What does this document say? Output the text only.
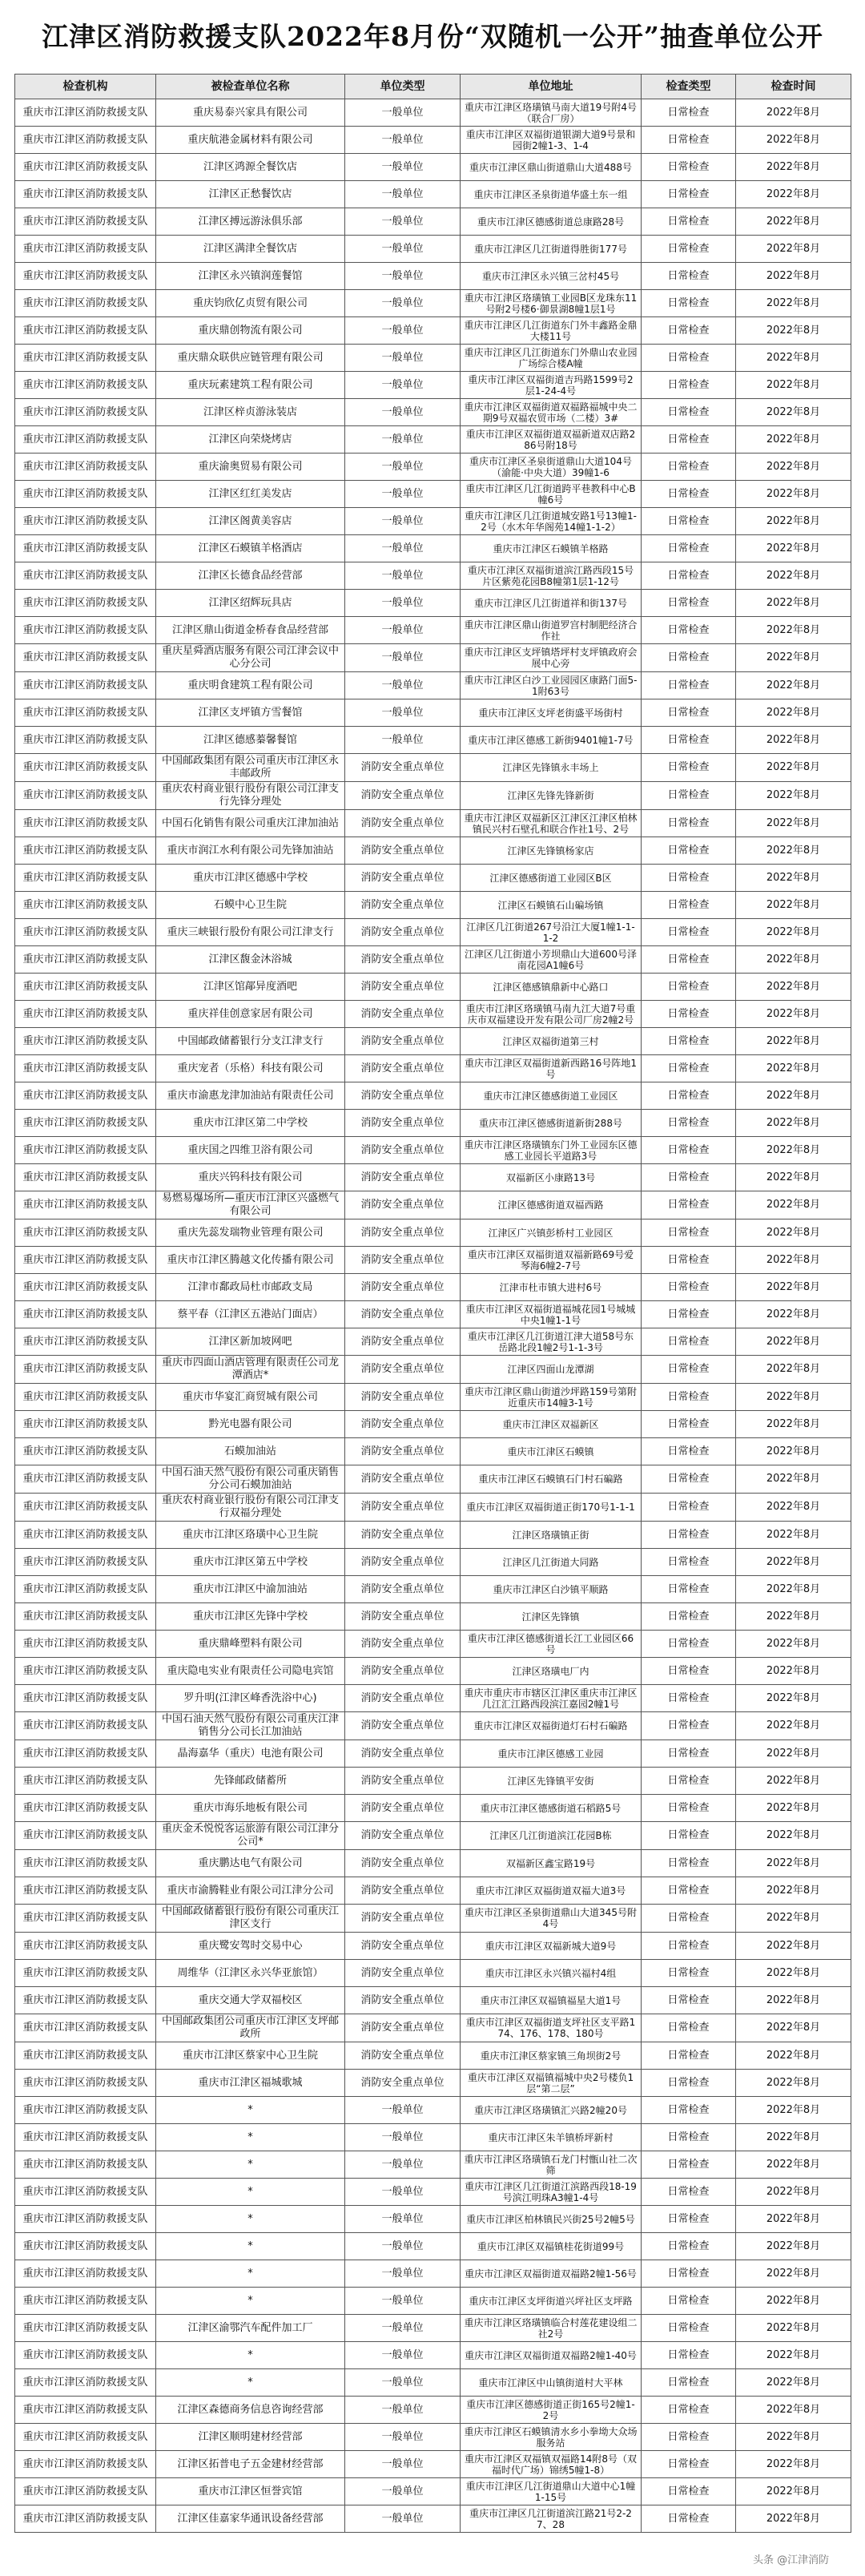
江津区消防救援支队2022年8月份“双随机一公开”抽查单位公开
检查机构	被检查单位名称	单位类型	单位地址	检查类型	检查时间
重庆市江津区消防救援支队	重庆易泰兴家具有限公司	一般单位	重庆市江津区珞璜镇马南大道19号附4号（联合厂房）	日常检查	2022年8月
重庆市江津区消防救援支队	重庆航港金属材料有限公司	一般单位	重庆市江津区双福街道银湖大道9号景和园街2幢1-3、1-4	日常检查	2022年8月
重庆市江津区消防救援支队	江津区鸿源全餐饮店	一般单位	重庆市江津区鼎山街道鼎山大道488号	日常检查	2022年8月
重庆市江津区消防救援支队	江津区正愁餐饮店	一般单位	重庆市江津区圣泉街道华盛土东一组	日常检查	2022年8月
重庆市江津区消防救援支队	江津区搏远游泳俱乐部	一般单位	重庆市江津区德感街道总康路28号	日常检查	2022年8月
重庆市江津区消防救援支队	江津区满津全餐饮店	一般单位	重庆市江津区几江街道得胜街177号	日常检查	2022年8月
重庆市江津区消防救援支队	江津区永兴镇润莲餐馆	一般单位	重庆市江津区永兴镇三岔村45号	日常检查	2022年8月
重庆市江津区消防救援支队	重庆钧欣亿贞贸有限公司	一般单位	重庆市江津区珞璜镇工业园B区龙珠东11号附2号楼6·御景湖8幢1层1号	日常检查	2022年8月
重庆市江津区消防救援支队	重庆鼎创物流有限公司	一般单位	重庆市江津区几江街道东门外丰鑫路金鼎大楼11号	日常检查	2022年8月
重庆市江津区消防救援支队	重庆鼎众联供应链管理有限公司	一般单位	重庆市江津区几江街道东门外鼎山农业园广场综合楼A幢	日常检查	2022年8月
重庆市江津区消防救援支队	重庆玩素建筑工程有限公司	一般单位	重庆市江津区双福街道吉玛路1599号2层1-24-4号	日常检查	2022年8月
重庆市江津区消防救援支队	江津区梓贞游泳装店	一般单位	重庆市江津区双福街道双福路福城中央二期9号双福农贸市场（二楼）3#	日常检查	2022年8月
重庆市江津区消防救援支队	江津区向荣烧烤店	一般单位	重庆市江津区双福街道双福新道双店路286号附18号	日常检查	2022年8月
重庆市江津区消防救援支队	重庆渝奥贸易有限公司	一般单位	重庆市江津区圣泉街道鼎山大道104号（渝能·中央大道）39幢1-6	日常检查	2022年8月
重庆市江津区消防救援支队	江津区红红美发店	一般单位	重庆市江津区几江街道跨平巷教科中心B幢6号	日常检查	2022年8月
重庆市江津区消防救援支队	江津区阁黄美容店	一般单位	重庆市江津区几江街道城安路1号13幢1-2号（水木年华阁苑14幢1-1-2）	日常检查	2022年8月
重庆市江津区消防救援支队	江津区石蟆镇羊格酒店	一般单位	重庆市江津区石蟆镇羊格路	日常检查	2022年8月
重庆市江津区消防救援支队	江津区长德食品经营部	一般单位	重庆市江津区双福街道滨江路西段15号片区紫苑花园B8幢第1层1-12号	日常检查	2022年8月
重庆市江津区消防救援支队	江津区绍辉玩具店	一般单位	重庆市江津区几江街道祥和街137号	日常检查	2022年8月
重庆市江津区消防救援支队	江津区鼎山街道金桥春食品经营部	一般单位	重庆市江津区鼎山街道罗宫村制肥经济合作社	日常检查	2022年8月
重庆市江津区消防救援支队	重庆星舜酒店服务有限公司江津会议中心分公司	一般单位	重庆市江津区支坪镇塔坪村支坪镇政府会展中心旁	日常检查	2022年8月
重庆市江津区消防救援支队	重庆明食建筑工程有限公司	一般单位	重庆市江津区白沙工业园园区康路门面5-1附63号	日常检查	2022年8月
重庆市江津区消防救援支队	江津区支坪镇方雪餐馆	一般单位	重庆市江津区支坪老街盛平场街村	日常检查	2022年8月
重庆市江津区消防救援支队	江津区德感蓁馨餐馆	一般单位	重庆市江津区德感工新街9401幢1-7号	日常检查	2022年8月
重庆市江津区消防救援支队	中国邮政集团有限公司重庆市江津区永丰邮政所	消防安全重点单位	江津区先锋镇永丰场上	日常检查	2022年8月
重庆市江津区消防救援支队	重庆农村商业银行股份有限公司江津支行先锋分理处	消防安全重点单位	江津区先锋先锋新街	日常检查	2022年8月
重庆市江津区消防救援支队	中国石化销售有限公司重庆江津加油站	消防安全重点单位	重庆市江津区双福新区江津区江津区柏林镇民兴村石壁孔和联合作社1号、2号	日常检查	2022年8月
重庆市江津区消防救援支队	重庆市润江水利有限公司先锋加油站	消防安全重点单位	江津区先锋镇杨家店	日常检查	2022年8月
重庆市江津区消防救援支队	重庆市江津区德感中学校	消防安全重点单位	江津区德感街道工业园区B区	日常检查	2022年8月
重庆市江津区消防救援支队	石蟆中心卫生院	消防安全重点单位	江津区石蟆镇石山碥场镇	日常检查	2022年8月
重庆市江津区消防救援支队	重庆三峡银行股份有限公司江津支行	消防安全重点单位	江津区几江街道267号沿江大厦1幢1-1-1-2	日常检查	2022年8月
重庆市江津区消防救援支队	江津区馥金沐浴城	消防安全重点单位	江津区几江街道小芳坝鼎山大道600号泽南花园A1幢6号	日常检查	2022年8月
重庆市江津区消防救援支队	江津区馆鄗异度酒吧	消防安全重点单位	江津区德感镇鼎新中心路口	日常检查	2022年8月
重庆市江津区消防救援支队	重庆祥佳创意家居有限公司	消防安全重点单位	重庆市江津区珞璜镇马南九江大道7号重庆市双福建设开发有限公司厂房2幢2号	日常检查	2022年8月
重庆市江津区消防救援支队	中国邮政储蓄银行分支江津支行	消防安全重点单位	江津区双福街道第三村	日常检查	2022年8月
重庆市江津区消防救援支队	重庆宠者（乐格）科技有限公司	消防安全重点单位	重庆市江津区双福街道新西路16号阵地1号	日常检查	2022年8月
重庆市江津区消防救援支队	重庆市渝惠龙津加油站有限责任公司	消防安全重点单位	重庆市江津区德感街道工业园区	日常检查	2022年8月
重庆市江津区消防救援支队	重庆市江津区第二中学校	消防安全重点单位	重庆市江津区德感街道新街288号	日常检查	2022年8月
重庆市江津区消防救援支队	重庆国之四维卫浴有限公司	消防安全重点单位	重庆市江津区珞璜镇东门外工业园东区德感工业园长平道路3号	日常检查	2022年8月
重庆市江津区消防救援支队	重庆兴钨科技有限公司	消防安全重点单位	双福新区小康路13号	日常检查	2022年8月
重庆市江津区消防救援支队	易燃易爆场所—重庆市江津区兴盛燃气有限公司	消防安全重点单位	江津区德感街道双福西路	日常检查	2022年8月
重庆市江津区消防救援支队	重庆先蕊发瑞物业管理有限公司	消防安全重点单位	江津区广兴镇彭桥村工业园区	日常检查	2022年8月
重庆市江津区消防救援支队	重庆市江津区腾越文化传播有限公司	消防安全重点单位	重庆市江津区双福街道双福新路69号爱琴海6幢2-7号	日常检查	2022年8月
重庆市江津区消防救援支队	江津市鄱政局杜市邮政支局	消防安全重点单位	江津市杜市镇大进村6号	日常检查	2022年8月
重庆市江津区消防救援支队	蔡平春（江津区五港站门面店）	消防安全重点单位	重庆市江津区双福街道福城花园1号城城中央1幢1-1号	日常检查	2022年8月
重庆市江津区消防救援支队	江津区新加坡网吧	消防安全重点单位	重庆市江津区几江街道江津大道58号东岳路北段1幢2号1-1-3号	日常检查	2022年8月
重庆市江津区消防救援支队	重庆市四面山酒店管理有限责任公司龙潭酒店*	消防安全重点单位	江津区四面山龙潭湖	日常检查	2022年8月
重庆市江津区消防救援支队	重庆市华宴汇商贸城有限公司	消防安全重点单位	重庆市江津区鼎山街道沙坪路159号第附近重庆市14幢3-1号	日常检查	2022年8月
重庆市江津区消防救援支队	黔光电器有限公司	消防安全重点单位	重庆市江津区双福新区	日常检查	2022年8月
重庆市江津区消防救援支队	石蟆加油站	消防安全重点单位	重庆市江津区石蟆镇	日常检查	2022年8月
重庆市江津区消防救援支队	中国石油天然气股份有限公司重庆销售分公司石蟆加油站	消防安全重点单位	重庆市江津区石蟆镇石门村石碥路	日常检查	2022年8月
重庆市江津区消防救援支队	重庆农村商业银行股份有限公司江津支行双福分理处	消防安全重点单位	重庆市江津区双福街道正街170号1-1-1	日常检查	2022年8月
重庆市江津区消防救援支队	重庆市江津区珞璜中心卫生院	消防安全重点单位	江津区珞璜镇正街	日常检查	2022年8月
重庆市江津区消防救援支队	重庆市江津区第五中学校	消防安全重点单位	江津区几江街道大同路	日常检查	2022年8月
重庆市江津区消防救援支队	重庆市江津区中渝加油站	消防安全重点单位	重庆市江津区白沙镇平顺路	日常检查	2022年8月
重庆市江津区消防救援支队	重庆市江津区先锋中学校	消防安全重点单位	江津区先锋镇	日常检查	2022年8月
重庆市江津区消防救援支队	重庆鼎峰塑料有限公司	消防安全重点单位	重庆市江津区德感街道长江工业园区66号	日常检查	2022年8月
重庆市江津区消防救援支队	重庆隐电实业有限责任公司隐电宾馆	消防安全重点单位	江津区珞璜电厂内	日常检查	2022年8月
重庆市江津区消防救援支队	罗升明(江津区峰香洗浴中心)	消防安全重点单位	重庆市重庆市市辖区江津区重庆市江津区几江汇江路西段滨江嘉园2幢1号	日常检查	2022年8月
重庆市江津区消防救援支队	中国石油天然气股份有限公司重庆江津销售分公司长江加油站	消防安全重点单位	重庆市江津区双福街道灯石村石碥路	日常检查	2022年8月
重庆市江津区消防救援支队	晶海嘉华（重庆）电池有限公司	消防安全重点单位	重庆市江津区德感工业园	日常检查	2022年8月
重庆市江津区消防救援支队	先锋邮政储蓄所	消防安全重点单位	江津区先锋镇平安街	日常检查	2022年8月
重庆市江津区消防救援支队	重庆市海乐地板有限公司	消防安全重点单位	重庆市江津区德感街道石稻路5号	日常检查	2022年8月
重庆市江津区消防救援支队	重庆金禾悦悦客运旅游有限公司江津分公司*	消防安全重点单位	江津区几江街道滨江花园B栋	日常检查	2022年8月
重庆市江津区消防救援支队	重庆鹏达电气有限公司	消防安全重点单位	双福新区鑫宝路19号	日常检查	2022年8月
重庆市江津区消防救援支队	重庆市渝腾鞋业有限公司江津分公司	消防安全重点单位	重庆市江津区双福街道双福大道3号	日常检查	2022年8月
重庆市江津区消防救援支队	中国邮政储蓄银行股份有限公司重庆江津区支行	消防安全重点单位	重庆市江津区圣泉街道鼎山大道345号附4号	日常检查	2022年8月
重庆市江津区消防救援支队	重庆鹭安驾时交易中心	消防安全重点单位	重庆市江津区双福新城大道9号	日常检查	2022年8月
重庆市江津区消防救援支队	周维华（江津区永兴华亚旅馆）	消防安全重点单位	重庆市江津区永兴镇兴福村4组	日常检查	2022年8月
重庆市江津区消防救援支队	重庆交通大学双福校区	消防安全重点单位	重庆市江津区双福镇福星大道1号	日常检查	2022年8月
重庆市江津区消防救援支队	中国邮政集团公司重庆市江津区支坪邮政所	消防安全重点单位	重庆市江津区双福街道支坪社区支平路174、176、178、180号	日常检查	2022年8月
重庆市江津区消防救援支队	重庆市江津区蔡家中心卫生院	消防安全重点单位	重庆市江津区蔡家镇三角坝街2号	日常检查	2022年8月
重庆市江津区消防救援支队	重庆市江津区福城歌城	消防安全重点单位	重庆市江津区双福镇福城中央2号楼负1层“第二层”	日常检查	2022年8月
重庆市江津区消防救援支队	*	一般单位	重庆市江津区珞璜镇汇兴路2幢20号	日常检查	2022年8月
重庆市江津区消防救援支队	*	一般单位	重庆市江津区朱羊镇桥坪新村	日常检查	2022年8月
重庆市江津区消防救援支队	*	一般单位	重庆市江津区珞璜镇石龙门村甑山社二次筛	日常检查	2022年8月
重庆市江津区消防救援支队	*	一般单位	重庆市江津区几江街道江滨路西段18-19号滨江明珠A3幢1-4号	日常检查	2022年8月
重庆市江津区消防救援支队	*	一般单位	重庆市江津区柏林镇民兴街25号2幢5号	日常检查	2022年8月
重庆市江津区消防救援支队	*	一般单位	重庆市江津区双福镇桂花街道99号	日常检查	2022年8月
重庆市江津区消防救援支队	*	一般单位	重庆市江津区双福街道双福路2幢1-56号	日常检查	2022年8月
重庆市江津区消防救援支队	*	一般单位	重庆市江津区支坪街道兴坪社区支坪路	日常检查	2022年8月
重庆市江津区消防救援支队	江津区渝鄂汽车配件加工厂	一般单位	重庆市江津区珞璜镇临合村莲花建设组二社2号	日常检查	2022年8月
重庆市江津区消防救援支队	*	一般单位	重庆市江津区双福街道双福路2幢1-40号	日常检查	2022年8月
重庆市江津区消防救援支队	*	一般单位	重庆市江津区中山镇街道村大平林	日常检查	2022年8月
重庆市江津区消防救援支队	江津区森德商务信息咨询经营部	一般单位	重庆市江津区德感街道正街165号2幢1-2号	日常检查	2022年8月
重庆市江津区消防救援支队	江津区顺明建材经营部	一般单位	重庆市江津区石蟆镇清水乡小拳坳大众场服务站	日常检查	2022年8月
重庆市江津区消防救援支队	江津区拓普电子五金建材经营部	一般单位	重庆市江津区双福镇双福路14附8号（双福时代广场）锦绣5幢1-8）	日常检查	2022年8月
重庆市江津区消防救援支队	重庆市江津区恒誉宾馆	一般单位	重庆市江津区几江街道鼎山大道中心1幢1-15号	日常检查	2022年8月
重庆市江津区消防救援支队	江津区佳嘉家华通讯设备经营部	一般单位	重庆市江津区几江街道滨江路21号2-27、28	日常检查	2022年8月
头条 @江津消防
